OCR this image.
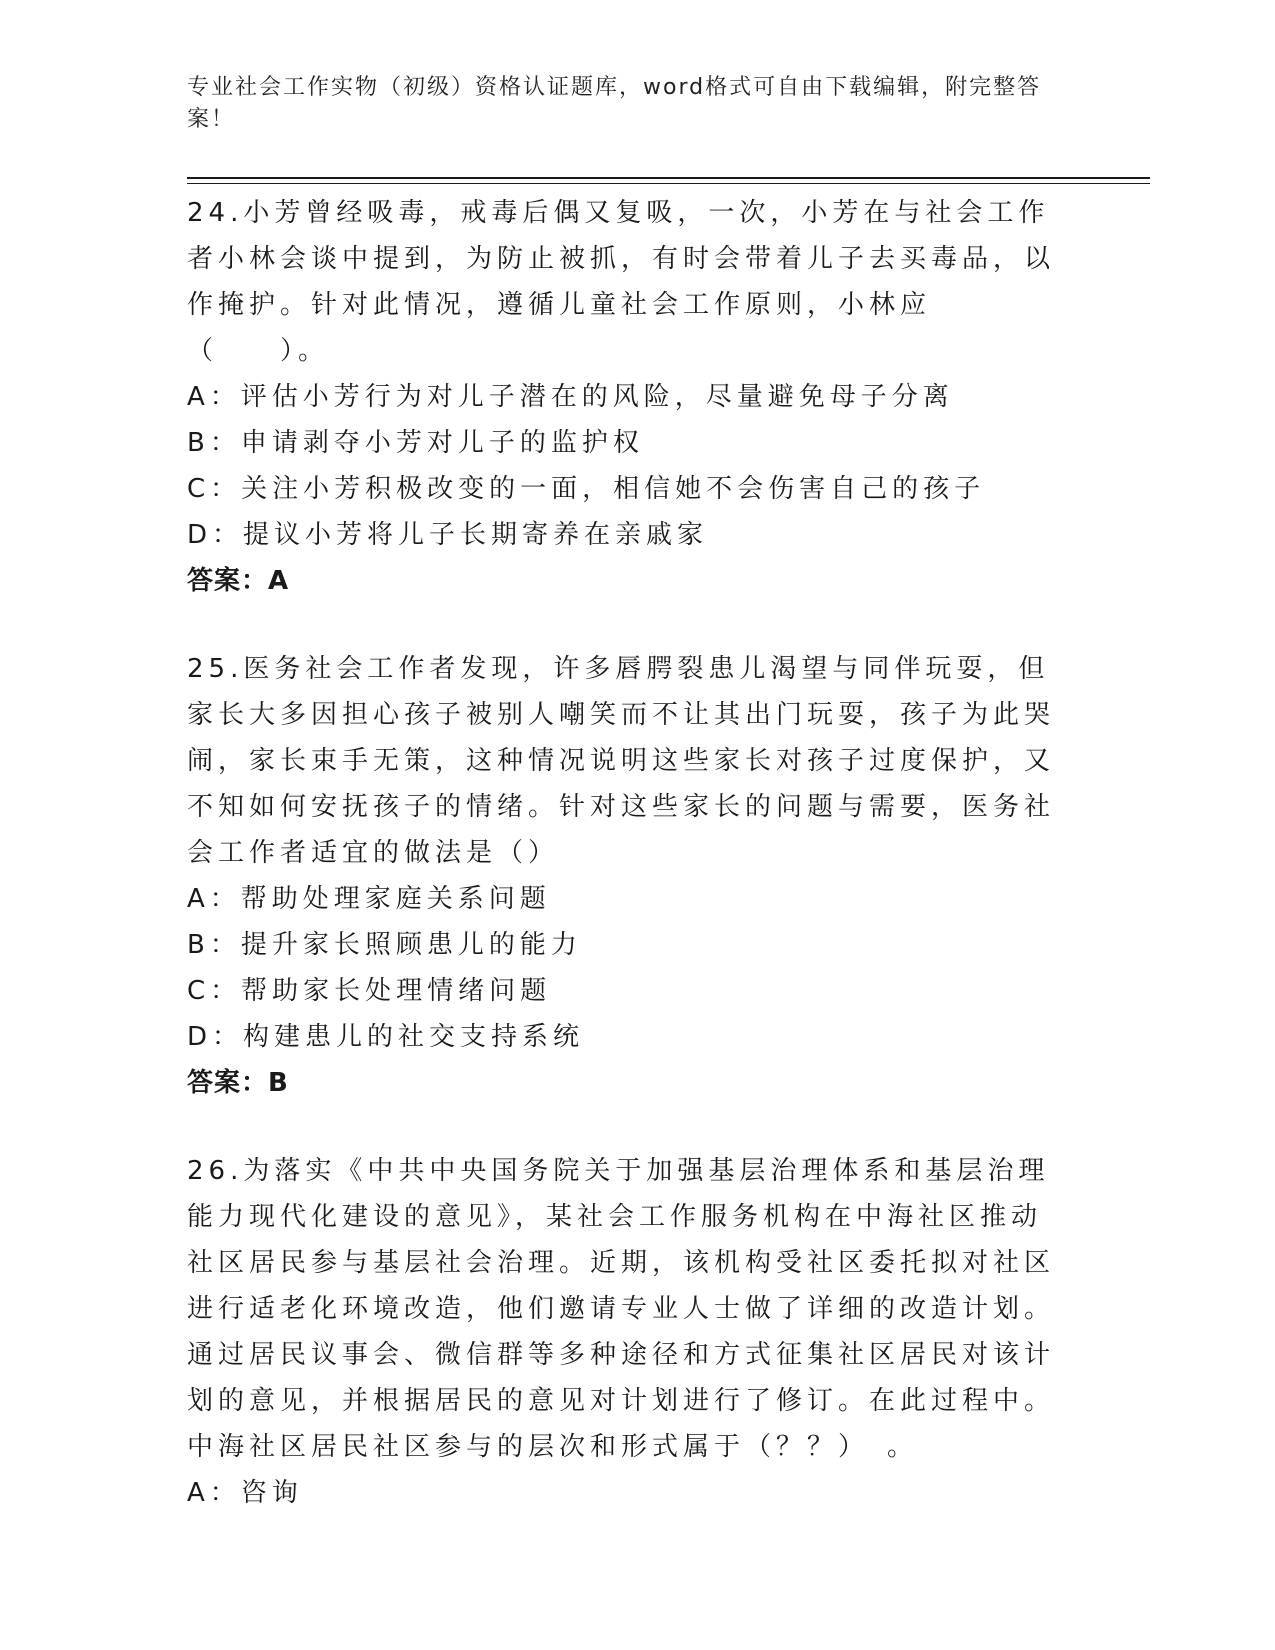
专业社会工作实物（初级）资格认证题库，word格式可自由下载编辑，附完整答案！

24.小芳曾经吸毒，戒毒后偶又复吸，一次，小芳在与社会工作者小林会谈中提到，为防止被抓，有时会带着儿子去买毒品，以作掩护。针对此情况，遵循儿童社会工作原则，小林应（　　）。

A：评估小芳行为对儿子潜在的风险，尽量避免母子分离

B：申请剥夺小芳对儿子的监护权

C：关注小芳积极改变的一面，相信她不会伤害自己的孩子

D：提议小芳将儿子长期寄养在亲戚家

答案：A

25.医务社会工作者发现，许多唇腭裂患儿渴望与同伴玩耍，但家长大多因担心孩子被别人嘲笑而不让其出门玩耍，孩子为此哭闹，家长束手无策，这种情况说明这些家长对孩子过度保护，又不知如何安抚孩子的情绪。针对这些家长的问题与需要，医务社会工作者适宜的做法是（）

A：帮助处理家庭关系问题

B：提升家长照顾患儿的能力

C：帮助家长处理情绪问题

D：构建患儿的社交支持系统

答案：B

26.为落实《中共中央国务院关于加强基层治理体系和基层治理能力现代化建设的意见》，某社会工作服务机构在中海社区推动社区居民参与基层社会治理。近期，该机构受社区委托拟对社区进行适老化环境改造，他们邀请专业人士做了详细的改造计划。通过居民议事会、微信群等多种途径和方式征集社区居民对该计划的意见，并根据居民的意见对计划进行了修订。在此过程中。中海社区居民社区参与的层次和形式属于（？？）　。

A：咨询
